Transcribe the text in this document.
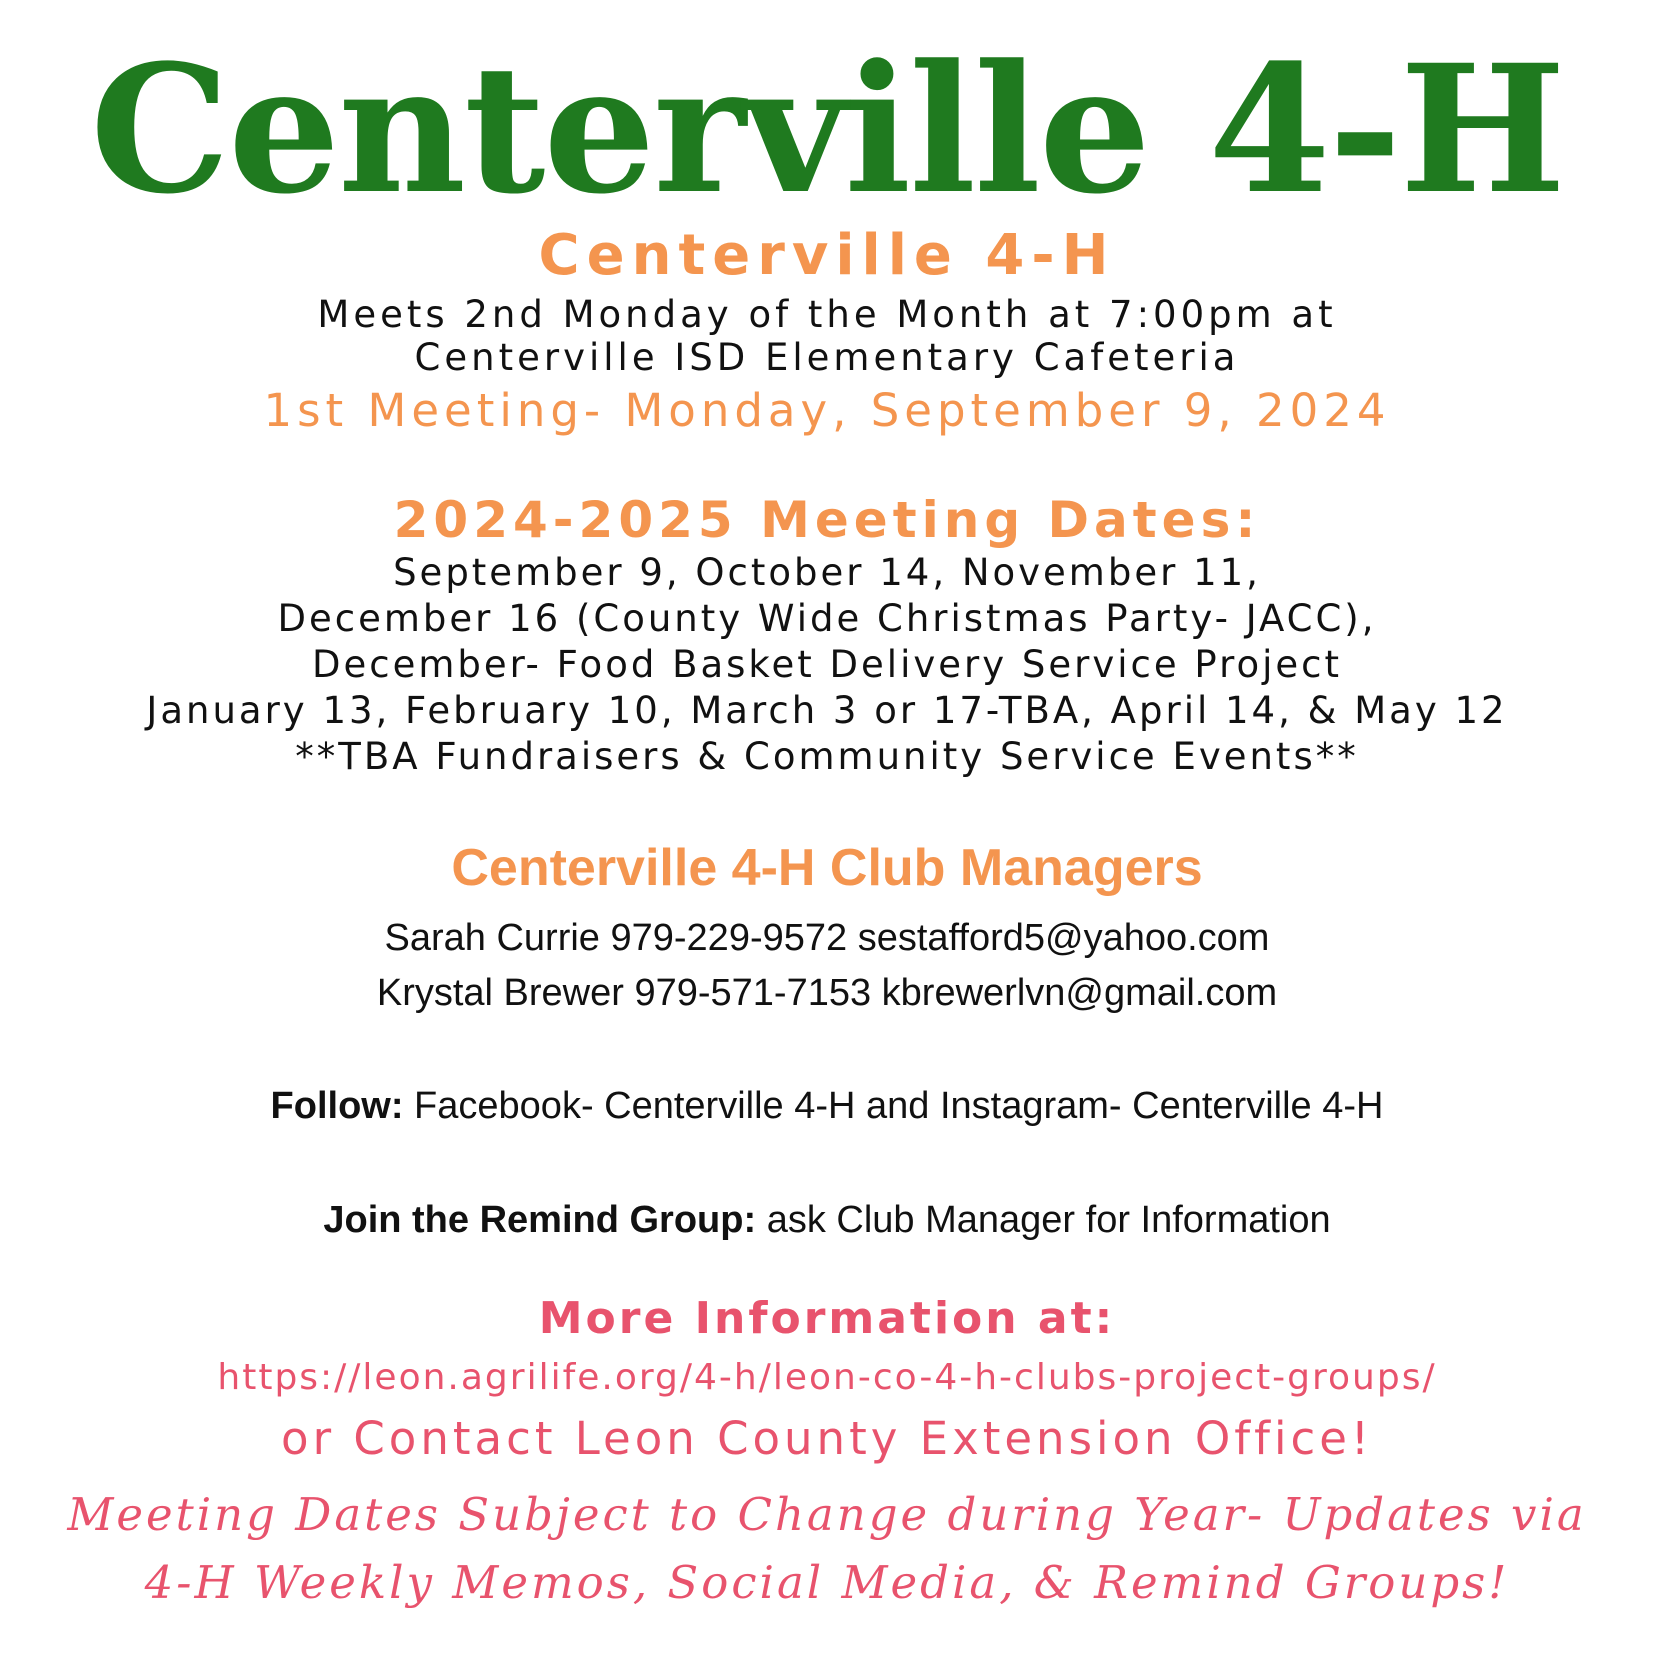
Centerville 4-H
Centerville 4-H
Meets 2nd Monday of the Month at 7:00pm at
Centerville ISD Elementary Cafeteria
1st Meeting- Monday, September 9, 2024
2024-2025 Meeting Dates:
September 9, October 14, November 11,
December 16 (County Wide Christmas Party- JACC),
December- Food Basket Delivery Service Project
January 13, February 10, March 3 or 17-TBA, April 14, & May 12
**TBA Fundraisers & Community Service Events**
Centerville 4-H Club Managers
Sarah Currie 979-229-9572 sestafford5@yahoo.com
Krystal Brewer 979-571-7153 kbrewerlvn@gmail.com
Follow: Facebook- Centerville 4-H and Instagram- Centerville 4-H
Join the Remind Group: ask Club Manager for Information
More Information at:
https://leon.agrilife.org/4-h/leon-co-4-h-clubs-project-groups/
or Contact Leon County Extension Office!
Meeting Dates Subject to Change during Year- Updates via
4-H Weekly Memos, Social Media, & Remind Groups!
